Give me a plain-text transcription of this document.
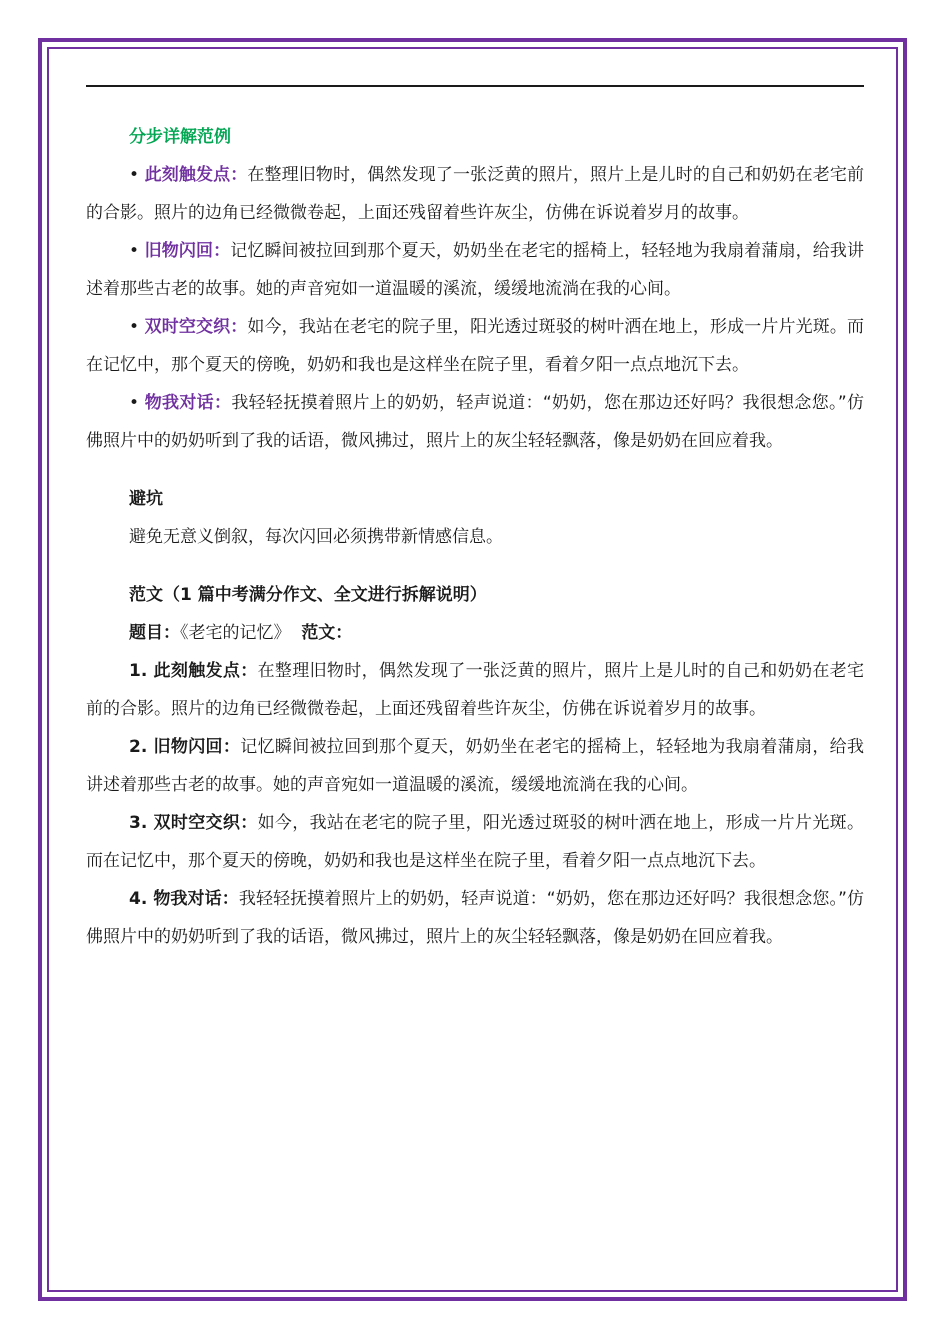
分步详解范例

• 此刻触发点：在整理旧物时，偶然发现了一张泛黄的照片，照片上是儿时的自己和奶奶在老宅前的合影。照片的边角已经微微卷起，上面还残留着些许灰尘，仿佛在诉说着岁月的故事。

• 旧物闪回：记忆瞬间被拉回到那个夏天，奶奶坐在老宅的摇椅上，轻轻地为我扇着蒲扇，给我讲述着那些古老的故事。她的声音宛如一道温暖的溪流，缓缓地流淌在我的心间。

• 双时空交织：如今，我站在老宅的院子里，阳光透过斑驳的树叶洒在地上，形成一片片光斑。而在记忆中，那个夏天的傍晚，奶奶和我也是这样坐在院子里，看着夕阳一点点地沉下去。

• 物我对话：我轻轻抚摸着照片上的奶奶，轻声说道：“奶奶，您在那边还好吗？我很想念您。”仿佛照片中的奶奶听到了我的话语，微风拂过，照片上的灰尘轻轻飘落，像是奶奶在回应着我。

避坑

避免无意义倒叙，每次闪回必须携带新情感信息。

范文（1 篇中考满分作文、全文进行拆解说明）

题目：《老宅的记忆》 范文：

1. 此刻触发点：在整理旧物时，偶然发现了一张泛黄的照片，照片上是儿时的自己和奶奶在老宅前的合影。照片的边角已经微微卷起，上面还残留着些许灰尘，仿佛在诉说着岁月的故事。

2. 旧物闪回：记忆瞬间被拉回到那个夏天，奶奶坐在老宅的摇椅上，轻轻地为我扇着蒲扇，给我讲述着那些古老的故事。她的声音宛如一道温暖的溪流，缓缓地流淌在我的心间。

3. 双时空交织：如今，我站在老宅的院子里，阳光透过斑驳的树叶洒在地上，形成一片片光斑。而在记忆中，那个夏天的傍晚，奶奶和我也是这样坐在院子里，看着夕阳一点点地沉下去。

4. 物我对话：我轻轻抚摸着照片上的奶奶，轻声说道：“奶奶，您在那边还好吗？我很想念您。”仿佛照片中的奶奶听到了我的话语，微风拂过，照片上的灰尘轻轻飘落，像是奶奶在回应着我。
